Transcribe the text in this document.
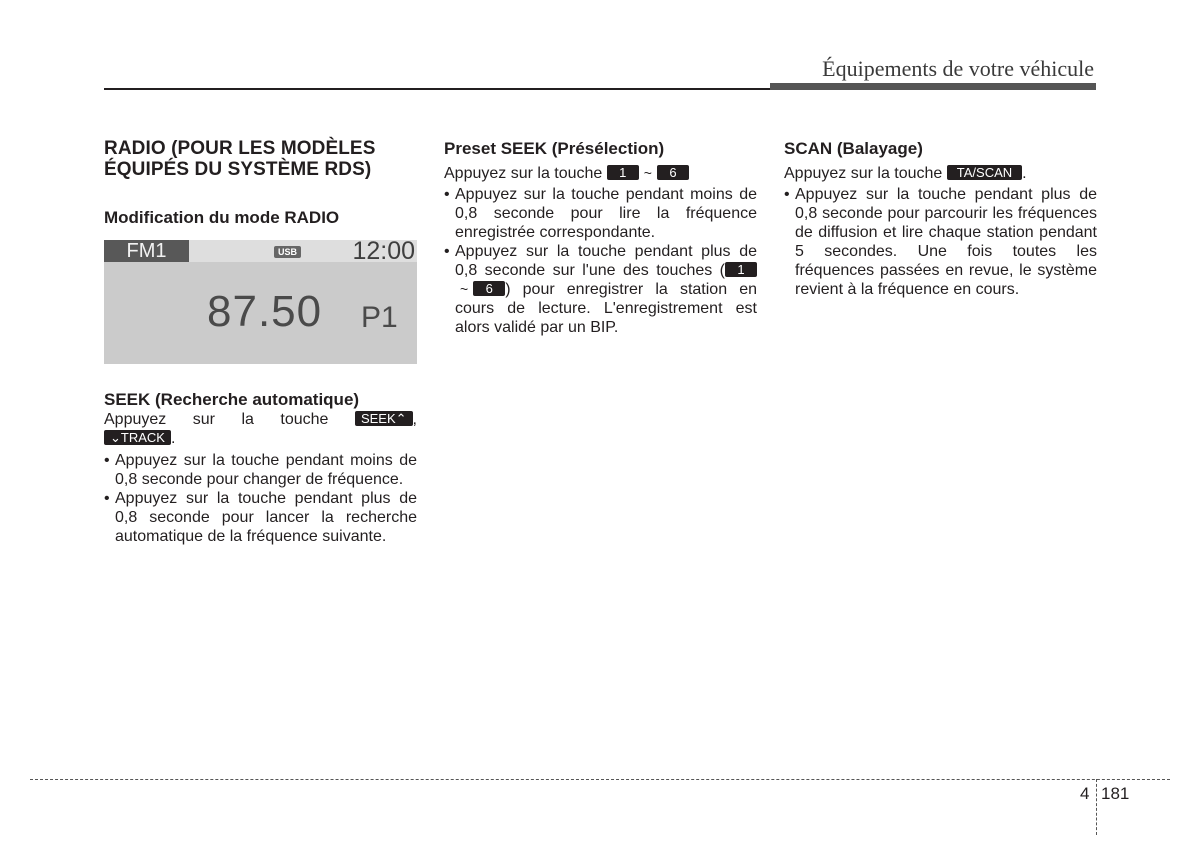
Équipements de votre véhicule
RADIO (POUR LES MODÈLES
ÉQUIPÉS DU SYSTÈME RDS)
Modification du mode RADIO
FM1	USB 12:00
87.50 P1
SEEK (Recherche automatique)

Appuyez sur la touche	SEEK⌃ ,

⌄TRACK .

• Appuyez sur la touche pendant moins de 0,8 seconde pour changer de fréquence.
• Appuyez sur la touche pendant plus de 0,8 seconde pour lancer la recherche automatique de la fréquence suivante.
Preset SEEK (Présélection)

Appuyez sur la touche 1 ~ 6

• Appuyez sur la touche pendant moins de 0,8 seconde pour lire la fréquence enregistrée correspondante.
• Appuyez sur la touche pendant plus de 0,8 seconde sur l'une des touches ( 1~ 6 ) pour enregistrer la station en cours de lecture. L'enregistrement est alors validé par un BIP.
SCAN (Balayage)

Appuyez sur la touche TA/SCAN .

• Appuyez sur la touche pendant plus de 0,8 seconde pour parcourir les fréquences de diffusion et lire chaque station pendant 5 secondes. Une fois toutes les fréquences passées en revue, le système revient à la fréquence en cours.
4 181
